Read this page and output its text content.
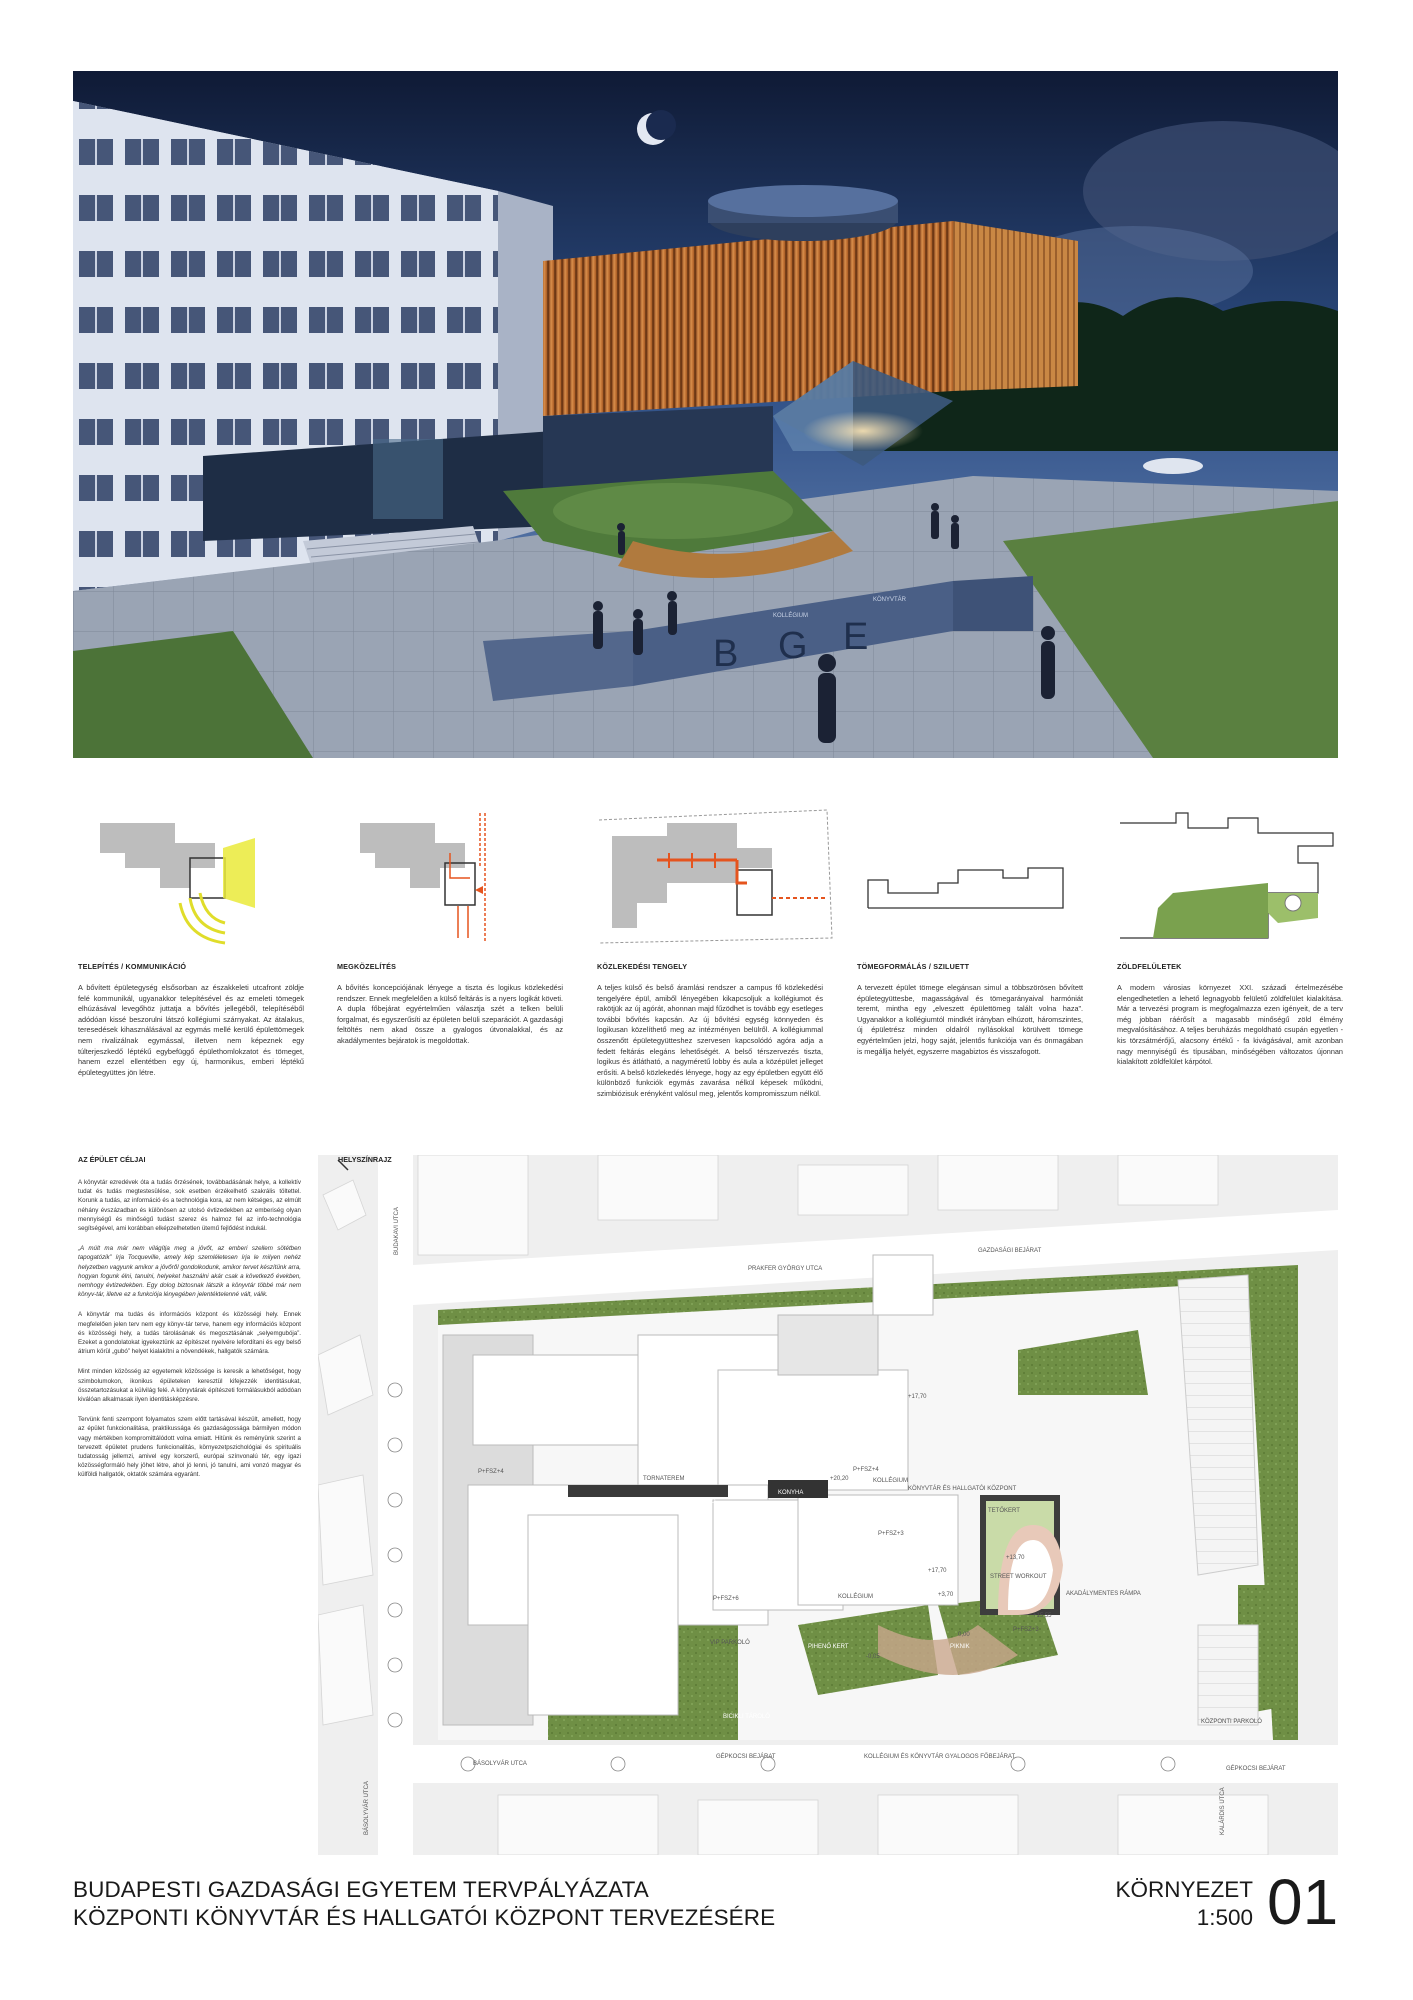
B G E
KOLLÉGIUM
KÖNYVTÁR
TELEPÍTÉS / KOMMUNIKÁCIÓ

A bővített épületegység elsősorban az északkeleti utcafront zöldje felé kommunikál, ugyanakkor telepítésével és az emeleti tömegek elhúzásával levegőhöz juttatja a bővítés jellegéből, telepítéséből adódóan kissé beszorulni látszó kollégiumi szárnyakat. Az átalakus, teresedések kihasználásával az egymás mellé kerülő épülettömegek nem rivalizálnak egymással, illetven nem képeznek egy túlterjeszkedő léptékű egybefüggő épülethomlokzatot és tömeget, hanem ezzel ellentétben egy új, harmonikus, emberi léptékű épületegyüttes jön létre.

MEGKÖZELÍTÉS

A bővítés koncepciójának lényege a tiszta és logikus közlekedési rendszer. Ennek megfelelően a külső feltárás is a nyers logikát követi. A dupla főbejárat egyértelműen választja szét a telken belüli forgalmat, és egyszerűsíti az épületen belüli szeparációt. A gazdasági feltöltés nem akad össze a gyalogos útvonalakkal, és az akadálymentes bejáratok is megoldottak.

KÖZLEKEDÉSI TENGELY

A teljes külső és belső áramlási rendszer a campus fő közlekedési tengelyére épül, amiből lényegében kikapcsoljuk a kollégiumot és rakötjük az új agórát, ahonnan majd fűzödhet is tovább egy esetleges további bővítés kapcsán. Az új bővítési egység könnyeden és logikusan közelíthető meg az intézményen belülről. A kollégiummal összenőtt épületegyütteshez szervesen kapcsolódó agóra adja a fedett feltárás elegáns lehetőségét. A belső térszervezés tiszta, logikus és átlátható, a nagyméretű lobby és aula a középület jelleget erősíti. A belső közlekedés lényege, hogy az egy épületben együtt élő különböző funkciók egymás zavarása nélkül képesek működni, szimbiózisuk erényként valósul meg, jelentős kompromisszum nélkül.

TÖMEGFORMÁLÁS / SZILUETT

A tervezett épület tömege elegánsan simul a többszörösen bővített épületegyüttesbe, magasságával és tömegarányaival harmóniát teremt, mintha egy „elveszett épülettömeg talált volna haza”. Ugyanakkor a kollégiumtól mindkét irányban elhúzott, háromszintes, új épületrész minden oldalról nyílásokkal körülvett tömege egyértelműen jelzi, hogy saját, jelentős funkciója van és önmagában is megállja helyét, egyszerre magabiztos és visszafogott.

ZÖLDFELÜLETEK

A modern városias környezet XXI. századi értelmezésébe elengedhetetlen a lehető legnagyobb felületű zöldfelület kialakítása. Már a tervezési program is megfogalmazza ezen igényeit, de a terv még jobban ráérősít a magasabb minőségű zöld élmény megvalósításához. A teljes beruházás megoldható csupán egyetlen - kis törzsátmérőjű, alacsony értékű - fa kivágásával, amit azonban nagy mennyiségű és típusában, minőségében változatos újonnan kialakított zöldfelület kárpótol.

AZ ÉPÜLET CÉLJAI

A könyvtár ezredévek óta a tudás őrzésének, továbbadásának helye, a kollektív tudat és tudás megtestesülése, sok esetben érzékelhető szakrális töltettel. Korunk a tudás, az információ és a technológia kora, az nem kétséges, az elmúlt néhány évszázadban és különösen az utolsó évtizedekben az emberiség olyan mennyiségű és minőségű tudást szerez és halmoz fel az info-technológia segítségével, ami korábban elképzelhetetlen ütemű fejlődést indukál.

„A múlt ma már nem világítja meg a jövőt, az emberi szellem sötétben tapogatózik” írja Tocqueville, amely kép szemléletesen írja le milyen nehéz helyzetben vagyunk amikor a jövőről gondolkodunk, amikor tervet készítünk arra, hogyan fogunk élni, tanulni, helyeket használni akár csak a következő években, nemhogy évtizedekben. Egy dolog biztosnak látszik a könyvtár többé már nem könyv-tár, illetve ez a funkciója lényegében jelentéktelenné vált, válik.

A könyvtár ma tudás és információs központ és közösségi hely. Ennek megfelelően jelen terv nem egy könyv-tár terve, hanem egy információs központ és közösségi hely, a tudás tárolásának és megosztásának „selyemgubója”. Ezeket a gondolatokat igyekeztünk az építészet nyelvére lefordítani és egy belső átrium körül „gubó” helyet kialakítni a növendékek, hallgatók számára.

Mint minden közösség az egyetemek közössége is keresik a lehetőséget, hogy szimbolumokon, ikonikus épületeken keresztül kifejezzék identitásukat, összetartozásukat a külvilág felé. A könyvtárak építészeti formálásukból adódóan kiválóan alkalmasak ilyen identitásképzésre.

Tervünk fenti szempont folyamatos szem előtt tartásával készült, amellett, hogy az épület funkcionalitása, praktikussága és gazdaságossága bármilyen módon vagy mértékben kompromittálódott volna emiatt. Hitünk és reményünk szerint a tervezett épületet prudens funkcionalitás, környezetpszichológiai és spirituális tudatosság jellemzi, amivel egy korszerű, európai színvonalú tér, egy igazi közösségformáló hely jöhet létre, ahol jó lenni, jó tanulni, ami vonzó magyar és külföldi hallgatók, oktatók számára egyaránt.

HELYSZÍNRAJZ
PRAKFER GYÖRGY UTCA
GAZDASÁGI BEJÁRAT
BUDAKAVI UTCA
BÁSOLYVÁR UTCA
GÉPKOCSI BEJÁRAT	KOLLÉGIUM ÉS KÖNYVTÁR GYALOGOS FŐBEJÁRAT
GÉPKOCSI BEJÁRAT
BÁSOLYVÁR UTCA	KALÁRDIS UTCA
TORNATEREM	KOLLÉGIUM
ÖSSZEKÖTŐ FOLYOSÓ
KONYHA
KÖNYVTÁR ÉS HALLGATÓI KÖZPONT
TETŐKERT
STREET WORKOUT
AKADÁLYMENTES RÁMPA
PIHENŐ KERT	PIKNIK
VIP PARKOLÓ
BICIKLI TÁROLÓ
KÖZPONTI PARKOLÓ
KOLLÉGIUM
P+FSZ+4	P+FSZ+4
P+FSZ+6
P+FSZ+3
P+FSZ+3
+17,70
+20,20
+17,70
+3,70
+13,70
+15,55
-0,05
0,00
BUDAPESTI GAZDASÁGI EGYETEM TERVPÁLYÁZATA
KÖZPONTI KÖNYVTÁR ÉS HALLGATÓI KÖZPONT TERVEZÉSÉRE
KÖRNYEZET
1:500 01
